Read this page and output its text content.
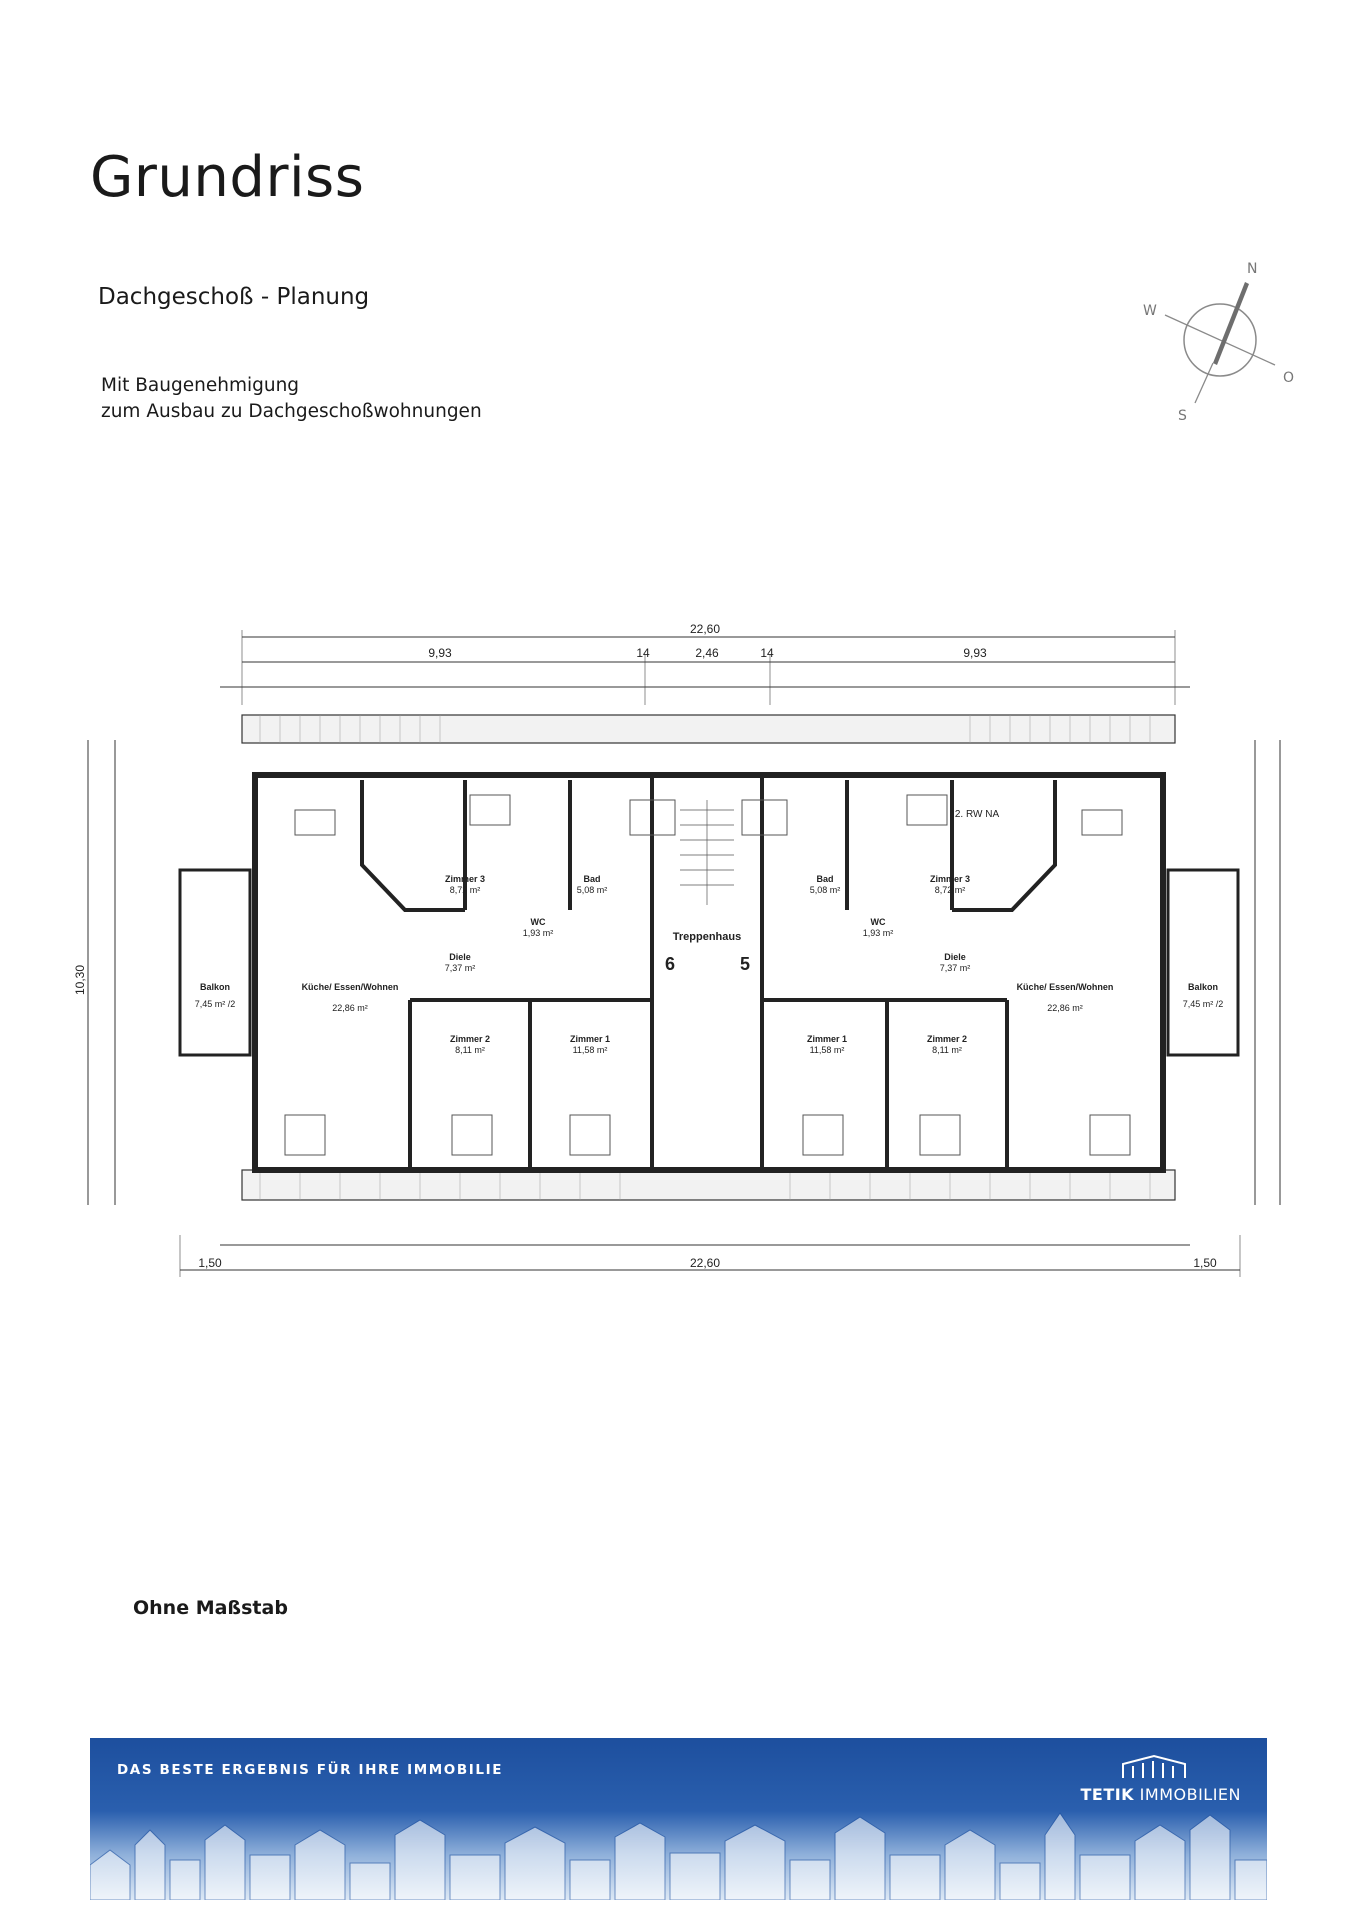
Grundriss
Dachgeschoß - Planung
Mit Baugenehmigung
zum Ausbau zu Dachgeschoßwohnungen
N
W
O
S
22,60
9,93	14	2,46	14	9,93
22,60
1,50	1,50
10,30
Zimmer 3
8,72 m²
Zimmer 3
8,72 m²
Bad
5,08 m²
Bad
5,08 m²
WC
1,93 m²
WC
1,93 m²
Diele
7,37 m²
Diele
7,37 m²
Küche/ Essen/Wohnen
22,86 m²
Küche/ Essen/Wohnen
22,86 m²
Zimmer 2
8,11 m²
Zimmer 2
8,11 m²
Zimmer 1
11,58 m²
Zimmer 1
11,58 m²
Balkon
7,45 m² /2
Balkon
7,45 m² /2
Treppenhaus
2. RW NA
6	5
Ohne Maßstab
DAS BESTE ERGEBNIS FÜR IHRE IMMOBILIE
TETIK IMMOBILIEN
